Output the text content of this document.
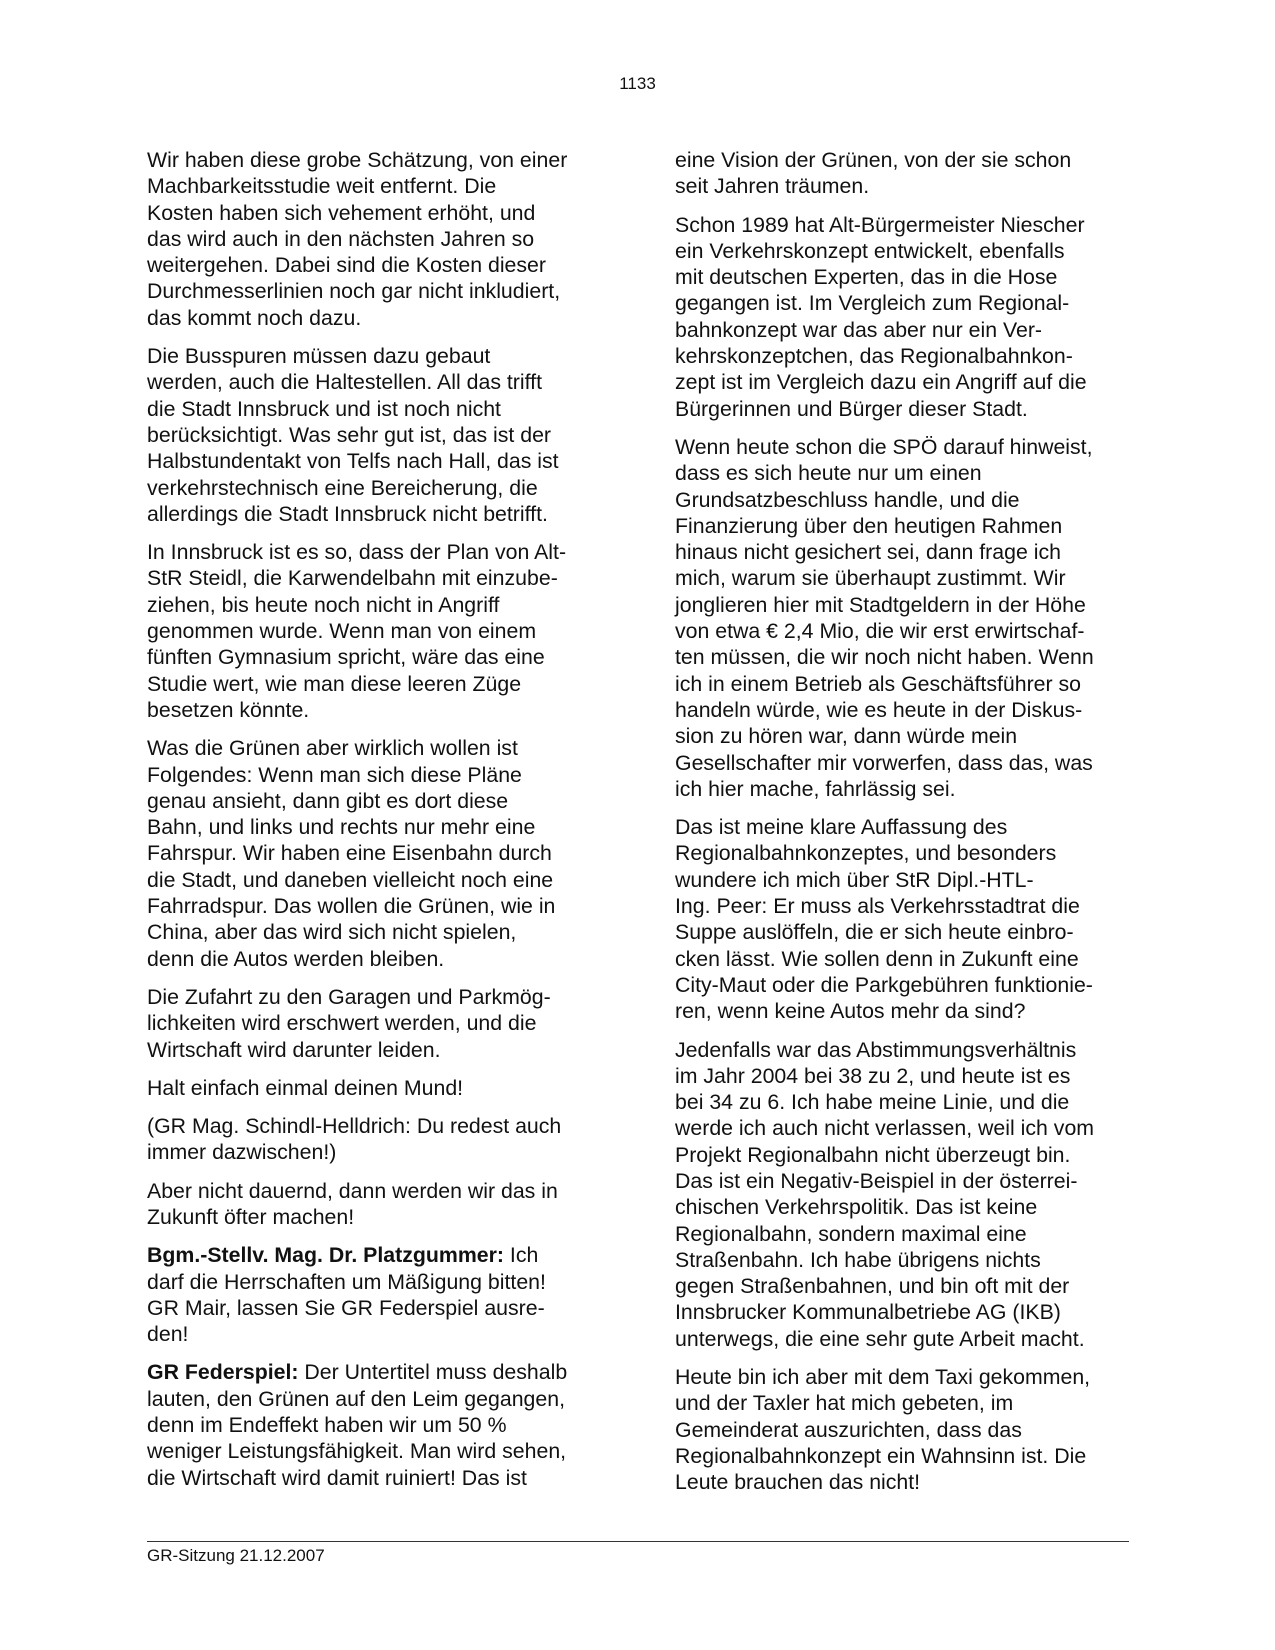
1133

Wir haben diese grobe Schätzung, von einer
Machbarkeitsstudie weit entfernt. Die
Kosten haben sich vehement erhöht, und
das wird auch in den nächsten Jahren so
weitergehen. Dabei sind die Kosten dieser
Durchmesserlinien noch gar nicht inkludiert,
das kommt noch dazu.

Die Busspuren müssen dazu gebaut
werden, auch die Haltestellen. All das trifft
die Stadt Innsbruck und ist noch nicht
berücksichtigt. Was sehr gut ist, das ist der
Halbstundentakt von Telfs nach Hall, das ist
verkehrstechnisch eine Bereicherung, die
allerdings die Stadt Innsbruck nicht betrifft.

In Innsbruck ist es so, dass der Plan von Alt-
StR Steidl, die Karwendelbahn mit einzube-
ziehen, bis heute noch nicht in Angriff
genommen wurde. Wenn man von einem
fünften Gymnasium spricht, wäre das eine
Studie wert, wie man diese leeren Züge
besetzen könnte.

Was die Grünen aber wirklich wollen ist
Folgendes: Wenn man sich diese Pläne
genau ansieht, dann gibt es dort diese
Bahn, und links und rechts nur mehr eine
Fahrspur. Wir haben eine Eisenbahn durch
die Stadt, und daneben vielleicht noch eine
Fahrradspur. Das wollen die Grünen, wie in
China, aber das wird sich nicht spielen,
denn die Autos werden bleiben.

Die Zufahrt zu den Garagen und Parkmög-
lichkeiten wird erschwert werden, und die
Wirtschaft wird darunter leiden.

Halt einfach einmal deinen Mund!

(GR Mag. Schindl-Helldrich: Du redest auch
immer dazwischen!)

Aber nicht dauernd, dann werden wir das in
Zukunft öfter machen!

Bgm.-Stellv. Mag. Dr. Platzgummer: Ich
darf die Herrschaften um Mäßigung bitten!
GR Mair, lassen Sie GR Federspiel ausre-
den!

GR Federspiel: Der Untertitel muss deshalb
lauten, den Grünen auf den Leim gegangen,
denn im Endeffekt haben wir um 50 %
weniger Leistungsfähigkeit. Man wird sehen,
die Wirtschaft wird damit ruiniert! Das ist

eine Vision der Grünen, von der sie schon
seit Jahren träumen.

Schon 1989 hat Alt-Bürgermeister Niescher
ein Verkehrskonzept entwickelt, ebenfalls
mit deutschen Experten, das in die Hose
gegangen ist. Im Vergleich zum Regional-
bahnkonzept war das aber nur ein Ver-
kehrskonzeptchen, das Regionalbahnkon-
zept ist im Vergleich dazu ein Angriff auf die
Bürgerinnen und Bürger dieser Stadt.

Wenn heute schon die SPÖ darauf hinweist,
dass es sich heute nur um einen
Grundsatzbeschluss handle, und die
Finanzierung über den heutigen Rahmen
hinaus nicht gesichert sei, dann frage ich
mich, warum sie überhaupt zustimmt. Wir
jonglieren hier mit Stadtgeldern in der Höhe
von etwa € 2,4 Mio, die wir erst erwirtschaf-
ten müssen, die wir noch nicht haben. Wenn
ich in einem Betrieb als Geschäftsführer so
handeln würde, wie es heute in der Diskus-
sion zu hören war, dann würde mein
Gesellschafter mir vorwerfen, dass das, was
ich hier mache, fahrlässig sei.

Das ist meine klare Auffassung des
Regionalbahnkonzeptes, und besonders
wundere ich mich über StR Dipl.-HTL-
Ing. Peer: Er muss als Verkehrsstadtrat die
Suppe auslöffeln, die er sich heute einbro-
cken lässt. Wie sollen denn in Zukunft eine
City-Maut oder die Parkgebühren funktionie-
ren, wenn keine Autos mehr da sind?

Jedenfalls war das Abstimmungsverhältnis
im Jahr 2004 bei 38 zu 2, und heute ist es
bei 34 zu 6. Ich habe meine Linie, und die
werde ich auch nicht verlassen, weil ich vom
Projekt Regionalbahn nicht überzeugt bin.
Das ist ein Negativ-Beispiel in der österrei-
chischen Verkehrspolitik. Das ist keine
Regionalbahn, sondern maximal eine
Straßenbahn. Ich habe übrigens nichts
gegen Straßenbahnen, und bin oft mit der
Innsbrucker Kommunalbetriebe AG (IKB)
unterwegs, die eine sehr gute Arbeit macht.

Heute bin ich aber mit dem Taxi gekommen,
und der Taxler hat mich gebeten, im
Gemeinderat auszurichten, dass das
Regionalbahnkonzept ein Wahnsinn ist. Die
Leute brauchen das nicht!

GR-Sitzung 21.12.2007
